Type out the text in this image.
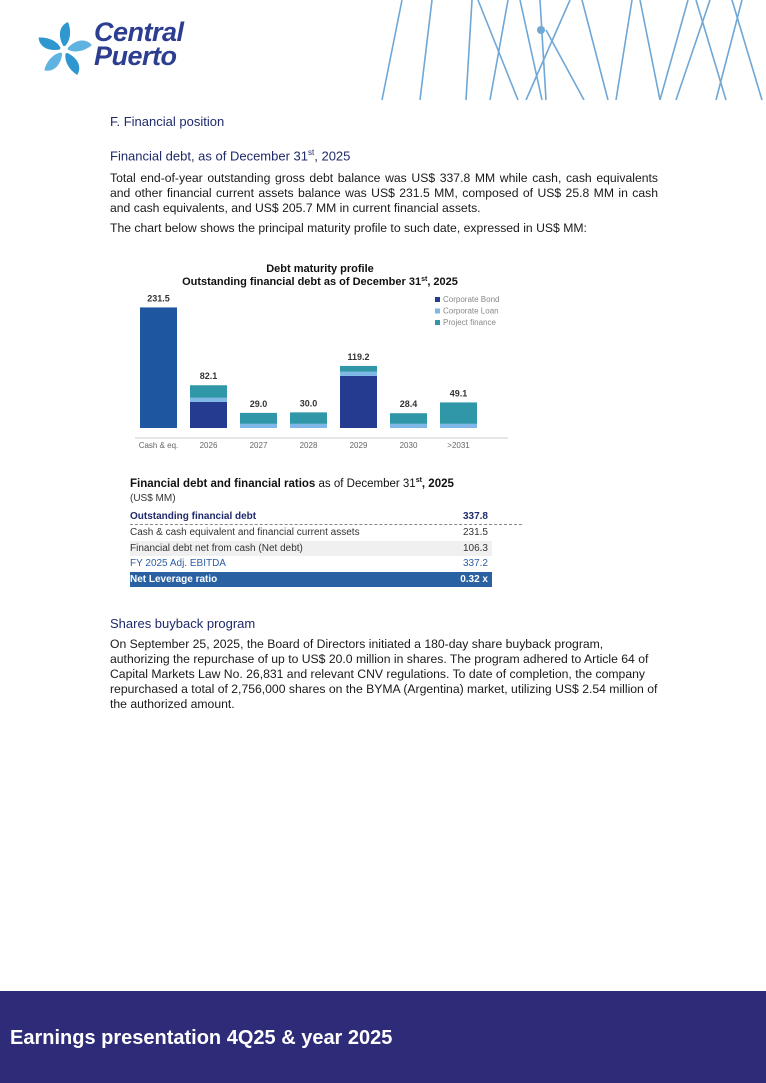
Central
Puerto
F. Financial position
Financial debt, as of December 31st, 2025
Total end-of-year outstanding gross debt balance was US$ 337.8 MM while cash, cash equivalents and other financial current assets balance was US$ 231.5 MM, composed of US$ 25.8 MM in cash and cash equivalents, and US$ 205.7 MM in current financial assets.
The chart below shows the principal maturity profile to such date, expressed in US$ MM:
Debt maturity profile
Outstanding financial debt as of December 31st, 2025
231.5
Cash & eq.
82.1
2026
29.0
2027
30.0
2028
119.2
2029
28.4
2030
49.1
>2031
Corporate Bond
Corporate Loan
Project finance
Financial debt and financial ratios as of December 31st, 2025
(US$ MM)
Outstanding financial debt	337.8
Cash & cash equivalent and financial current assets	231.5
Financial debt net from cash (Net debt)	106.3
FY 2025 Adj. EBITDA	337.2
Net Leverage ratio	0.32 x
Shares buyback program
On September 25, 2025, the Board of Directors initiated a 180-day share buyback program, authorizing the repurchase of up to US$ 20.0 million in shares. The program adhered to Article 64 of Capital Markets Law No. 26,831 and relevant CNV regulations. To date of completion, the company repurchased a total of 2,756,000 shares on the BYMA (Argentina) market, utilizing US$ 2.54 million of the authorized amount.
Earnings presentation 4Q25 & year 2025
